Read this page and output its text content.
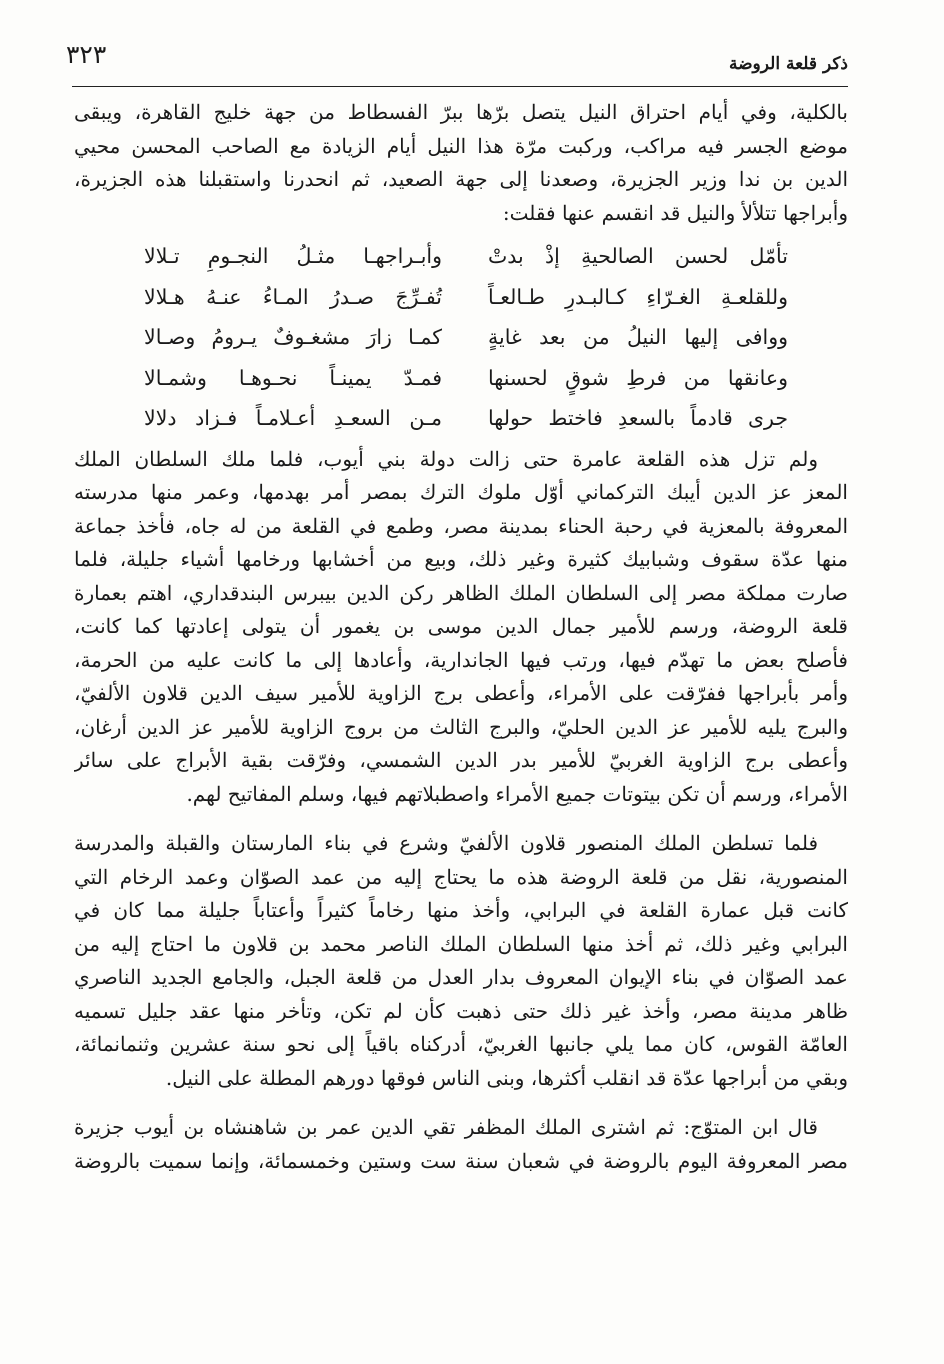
ذكر قلعة الروضة
٣٢٣
بالكلية، وفي أيام احتراق النيل يتصل برّها ببرّ الفسطاط من جهة خليج القاهرة، ويبقى
موضع الجسر فيه مراكب، وركبت مرّة هذا النيل أيام الزيادة مع الصاحب المحسن محيي
الدين بن ندا وزير الجزيرة، وصعدنا إلى جهة الصعيد، ثم انحدرنا واستقبلنا هذه الجزيرة،
وأبراجها تتلألأ والنيل قد انقسم عنها فقلت:
تأمّل لحسن الصالحيةِ إذْ بدتْ
وأبـراجهـا مثـلُ النجـومِ تـلالا
وللقلعـةِ الغـرّاءِ كـالبـدرِ طـالعـاً
تُفـرِّجَ صـدرُ المـاءُ عنـهُ هـلالا
ووافى إليها النيلُ من بعد غايةٍ
كمـا زارَ مشغـوفٌ يـرومُ وصـالا
وعانقها من فرطِ شوقٍ لحسنها
فمـدّ يمينـاً نحـوهـا وشمـالا
جرى قادماً بالسعدِ فاختط حولها
مـن السعـدِ أعـلامـاً فـزاد دلالا
ولم تزل هذه القلعة عامرة حتى زالت دولة بني أيوب، فلما ملك السلطان الملك
المعز عز الدين أيبك التركماني أوّل ملوك الترك بمصر أمر بهدمها، وعمر منها مدرسته
المعروفة بالمعزية في رحبة الحناء بمدينة مصر، وطمع في القلعة من له جاه، فأخذ جماعة
منها عدّة سقوف وشبابيك كثيرة وغير ذلك، وبيع من أخشابها ورخامها أشياء جليلة، فلما
صارت مملكة مصر إلى السلطان الملك الظاهر ركن الدين بيبرس البندقداري، اهتم بعمارة
قلعة الروضة، ورسم للأمير جمال الدين موسى بن يغمور أن يتولى إعادتها كما كانت،
فأصلح بعض ما تهدّم فيها، ورتب فيها الجاندارية، وأعادها إلى ما كانت عليه من الحرمة،
وأمر بأبراجها ففرّقت على الأمراء، وأعطى برج الزاوية للأمير سيف الدين قلاون الألفيّ،
والبرج يليه للأمير عز الدين الحليّ، والبرج الثالث من بروج الزاوية للأمير عز الدين أرغان،
وأعطى برج الزاوية الغربيّ للأمير بدر الدين الشمسي، وفرّقت بقية الأبراج على سائر
الأمراء، ورسم أن تكن بيتوتات جميع الأمراء واصطبلاتهم فيها، وسلم المفاتيح لهم.
فلما تسلطن الملك المنصور قلاون الألفيّ وشرع في بناء المارستان والقبلة والمدرسة
المنصورية، نقل من قلعة الروضة هذه ما يحتاج إليه من عمد الصوّان وعمد الرخام التي
كانت قبل عمارة القلعة في البرابي، وأخذ منها رخاماً كثيراً وأعتاباً جليلة مما كان في
البرابي وغير ذلك، ثم أخذ منها السلطان الملك الناصر محمد بن قلاون ما احتاج إليه من
عمد الصوّان في بناء الإيوان المعروف بدار العدل من قلعة الجبل، والجامع الجديد الناصري
ظاهر مدينة مصر، وأخذ غير ذلك حتى ذهبت كأن لم تكن، وتأخر منها عقد جليل تسميه
العامّة القوس، كان مما يلي جانبها الغربيّ، أدركناه باقياً إلى نحو سنة عشرين وثنمانمائة،
وبقي من أبراجها عدّة قد انقلب أكثرها، وبنى الناس فوقها دورهم المطلة على النيل.
قال ابن المتوّج: ثم اشترى الملك المظفر تقي الدين عمر بن شاهنشاه بن أيوب جزيرة
مصر المعروفة اليوم بالروضة في شعبان سنة ست وستين وخمسمائة، وإنما سميت بالروضة
